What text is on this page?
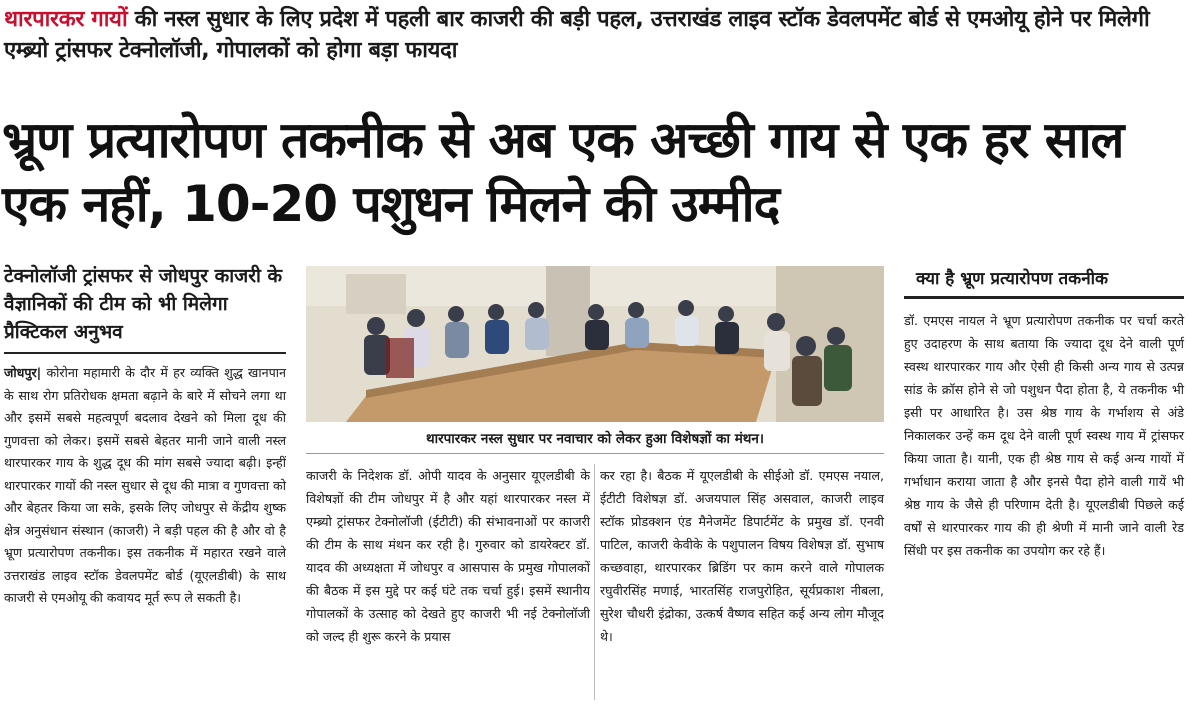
थारपारकर गायों की नस्ल सुधार के लिए प्रदेश में पहली बार काजरी की बड़ी पहल, उत्तराखंड लाइव स्टॉक डेवलपमेंट बोर्ड से एमओयू होने पर मिलेगी एम्ब्र्यो ट्रांसफर टेक्नोलॉजी, गोपालकों को होगा बड़ा फायदा
भ्रूण प्रत्यारोपण तकनीक से अब एक अच्छी गाय से एक हर साल एक नहीं, 10-20 पशुधन मिलने की उम्मीद
टेक्नोलॉजी ट्रांसफर से जोधपुर काजरी के वैज्ञानिकों की टीम को भी मिलेगा प्रैक्टिकल अनुभव

जोधपुर| कोरोना महामारी के दौर में हर व्यक्ति शुद्ध खानपान के साथ रोग प्रतिरोधक क्षमता बढ़ाने के बारे में सोचने लगा था और इसमें सबसे महत्वपूर्ण बदलाव देखने को मिला दूध की गुणवत्ता को लेकर। इसमें सबसे बेहतर मानी जाने वाली नस्ल थारपारकर गाय के शुद्ध दूध की मांग सबसे ज्यादा बढ़ी। इन्हीं थारपारकर गायों की नस्ल सुधार से दूध की मात्रा व गुणवत्ता को और बेहतर किया जा सके, इसके लिए जोधपुर से केंद्रीय शुष्क क्षेत्र अनुसंधान संस्थान (काजरी) ने बड़ी पहल की है और वो है भ्रूण प्रत्यारोपण तकनीक। इस तकनीक में महारत रखने वाले उत्तराखंड लाइव स्टॉक डेवलपमेंट बोर्ड (यूएलडीबी) के साथ काजरी से एमओयू की कवायद मूर्त रूप ले सकती है।

थारपारकर नस्ल सुधार पर नवाचार को लेकर हुआ विशेषज्ञों का मंथन।

काजरी के निदेशक डॉ. ओपी यादव के अनुसार यूएलडीबी के विशेषज्ञों की टीम जोधपुर में है और यहां थारपारकर नस्ल में एम्ब्र्यो ट्रांसफर टेक्नोलॉजी (ईटीटी) की संभावनाओं पर काजरी की टीम के साथ मंथन कर रही है। गुरुवार को डायरेक्टर डॉ. यादव की अध्यक्षता में जोधपुर व आसपास के प्रमुख गोपालकों की बैठक में इस मुद्दे पर कई घंटे तक चर्चा हुई। इसमें स्थानीय गोपालकों के उत्साह को देखते हुए काजरी भी नई टेक्नोलॉजी को जल्द ही शुरू करने के प्रयास

कर रहा है। बैठक में यूएलडीबी के सीईओ डॉ. एमएस नयाल, ईटीटी विशेषज्ञ डॉ. अजयपाल सिंह असवाल, काजरी लाइव स्टॉक प्रोडक्शन एंड मैनेजमेंट डिपार्टमेंट के प्रमुख डॉ. एनवी पाटिल, काजरी केवीके के पशुपालन विषय विशेषज्ञ डॉ. सुभाष कच्छवाहा, थारपारकर ब्रिडिंग पर काम करने वाले गोपालक रघुवीरसिंह मणाई, भारतसिंह राजपुरोहित, सूर्यप्रकाश नीबला, सुरेश चौधरी इंद्रोका, उत्कर्ष वैष्णव सहित कई अन्य लोग मौजूद थे।

क्या है भ्रूण प्रत्यारोपण तकनीक

डॉ. एमएस नायल ने भ्रूण प्रत्यारोपण तकनीक पर चर्चा करते हुए उदाहरण के साथ बताया कि ज्यादा दूध देने वाली पूर्ण स्वस्थ थारपारकर गाय और ऐसी ही किसी अन्य गाय से उत्पन्न सांड के क्रॉस होने से जो पशुधन पैदा होता है, ये तकनीक भी इसी पर आधारित है। उस श्रेष्ठ गाय के गर्भाशय से अंडे निकालकर उन्हें कम दूध देने वाली पूर्ण स्वस्थ गाय में ट्रांसफर किया जाता है। यानी, एक ही श्रेष्ठ गाय से कई अन्य गायों में गर्भाधान कराया जाता है और इनसे पैदा होने वाली गायें भी श्रेष्ठ गाय के जैसे ही परिणाम देती है। यूएलडीबी पिछले कई वर्षों से थारपारकर गाय की ही श्रेणी में मानी जाने वाली रेड सिंधी पर इस तकनीक का उपयोग कर रहे हैं।
